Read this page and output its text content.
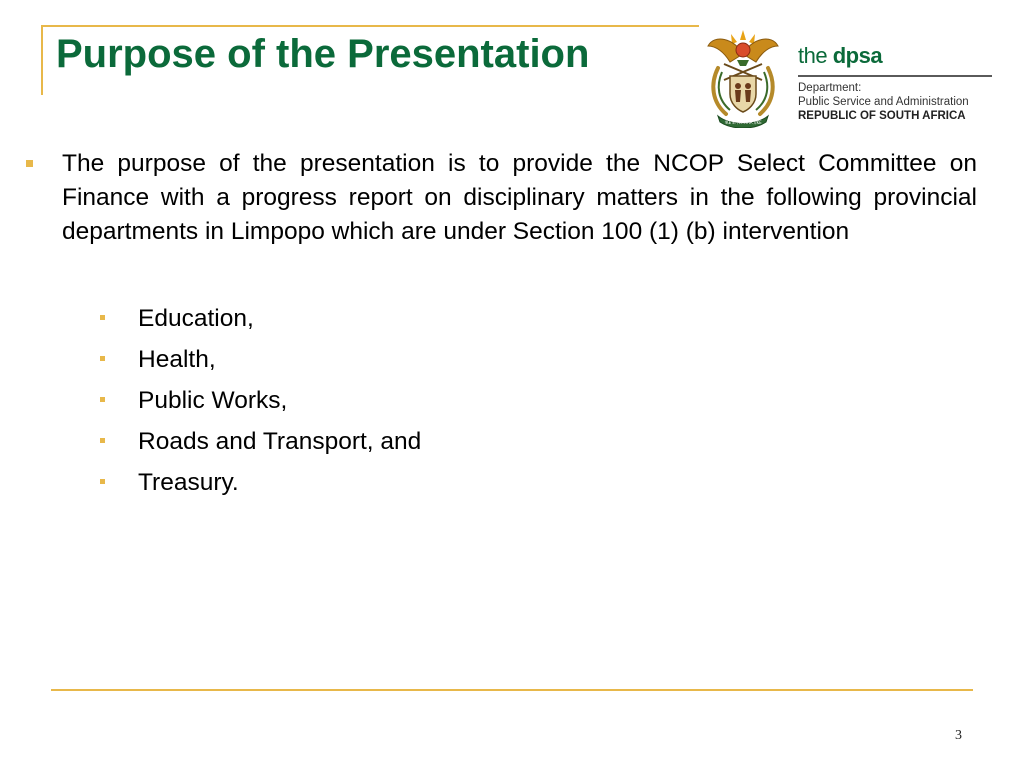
Purpose of the Presentation
!KE E: /XARRA //KE
the dpsa
Department:
Public Service and Administration
REPUBLIC OF SOUTH AFRICA

The purpose of the presentation is to provide the NCOP Select Committee on Finance with a progress report on disciplinary matters in the following provincial departments in Limpopo which are under Section 100 (1) (b) intervention

Education,
Health,
Public Works,
Roads and Transport, and
Treasury.
3
